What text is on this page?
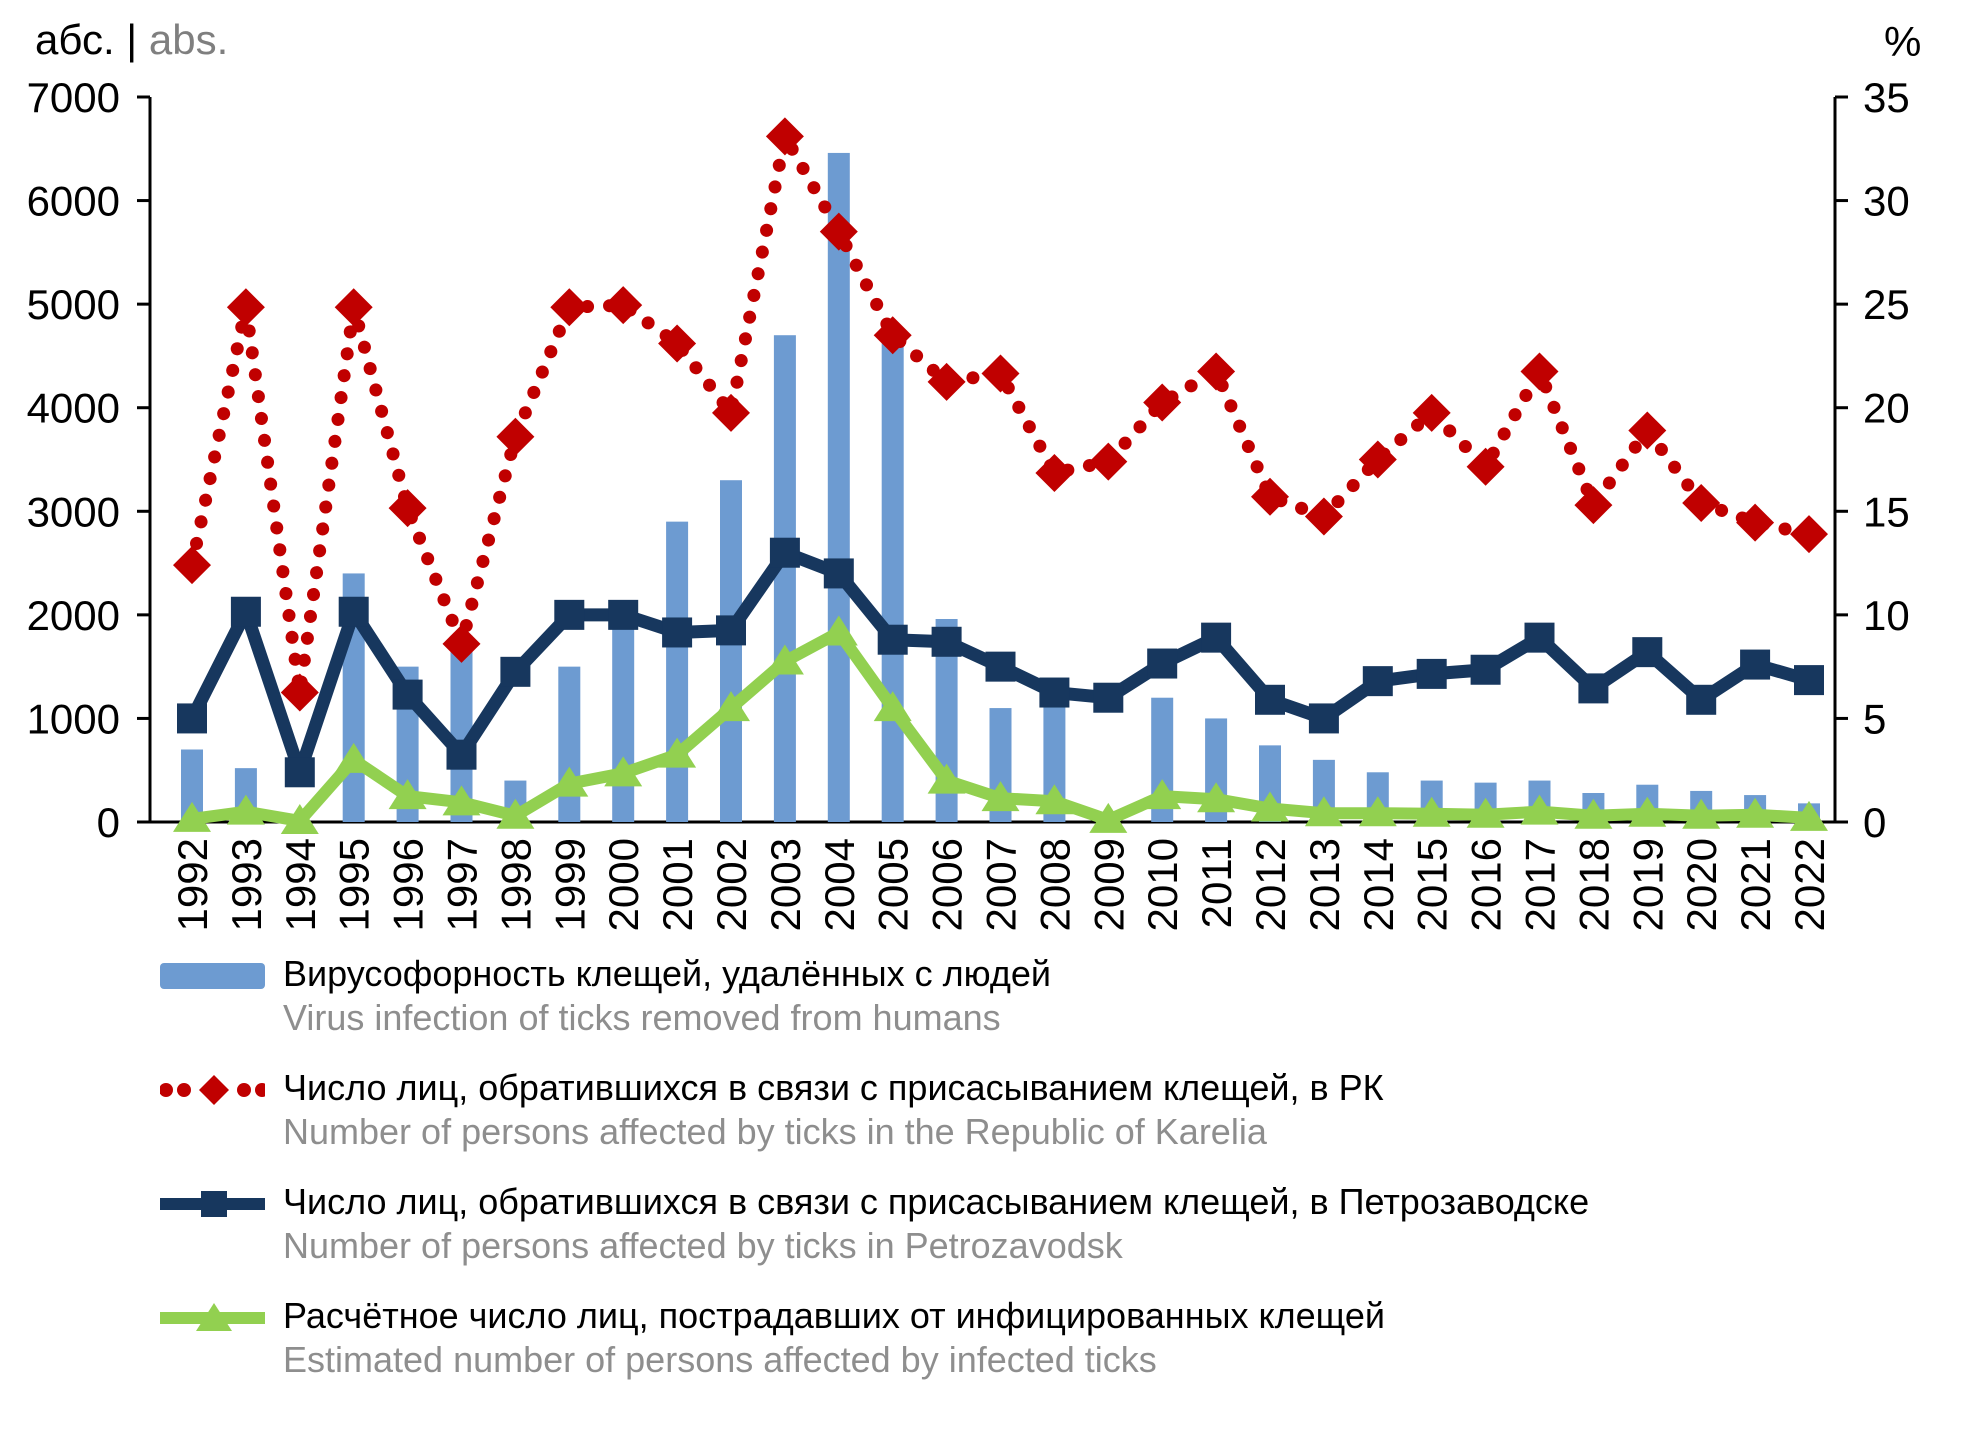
абс. | abs.	%
0
1000
2000
3000
4000
5000
6000
7000
0
5
10
15
20
25
30
35
1992 1993 1994 1995 1996 1997 1998 1999 2000 2001 2002 2003 2004 2005 2006 2007 2008 2009 2010 2011 2012 2013 2014 2015 2016 2017 2018 2019 2020 2021 2022
Вирусофорность клещей, удалённых с людей
Virus infection of ticks removed from humans
Число лиц, обратившихся в связи с присасыванием клещей, в РК
Number of persons affected by ticks in the Republic of Karelia
Число лиц, обратившихся в связи с присасыванием клещей, в Петрозаводске
Number of persons affected by ticks in Petrozavodsk
Расчётное число лиц, пострадавших от инфицированных клещей
Estimated number of persons affected by infected ticks
